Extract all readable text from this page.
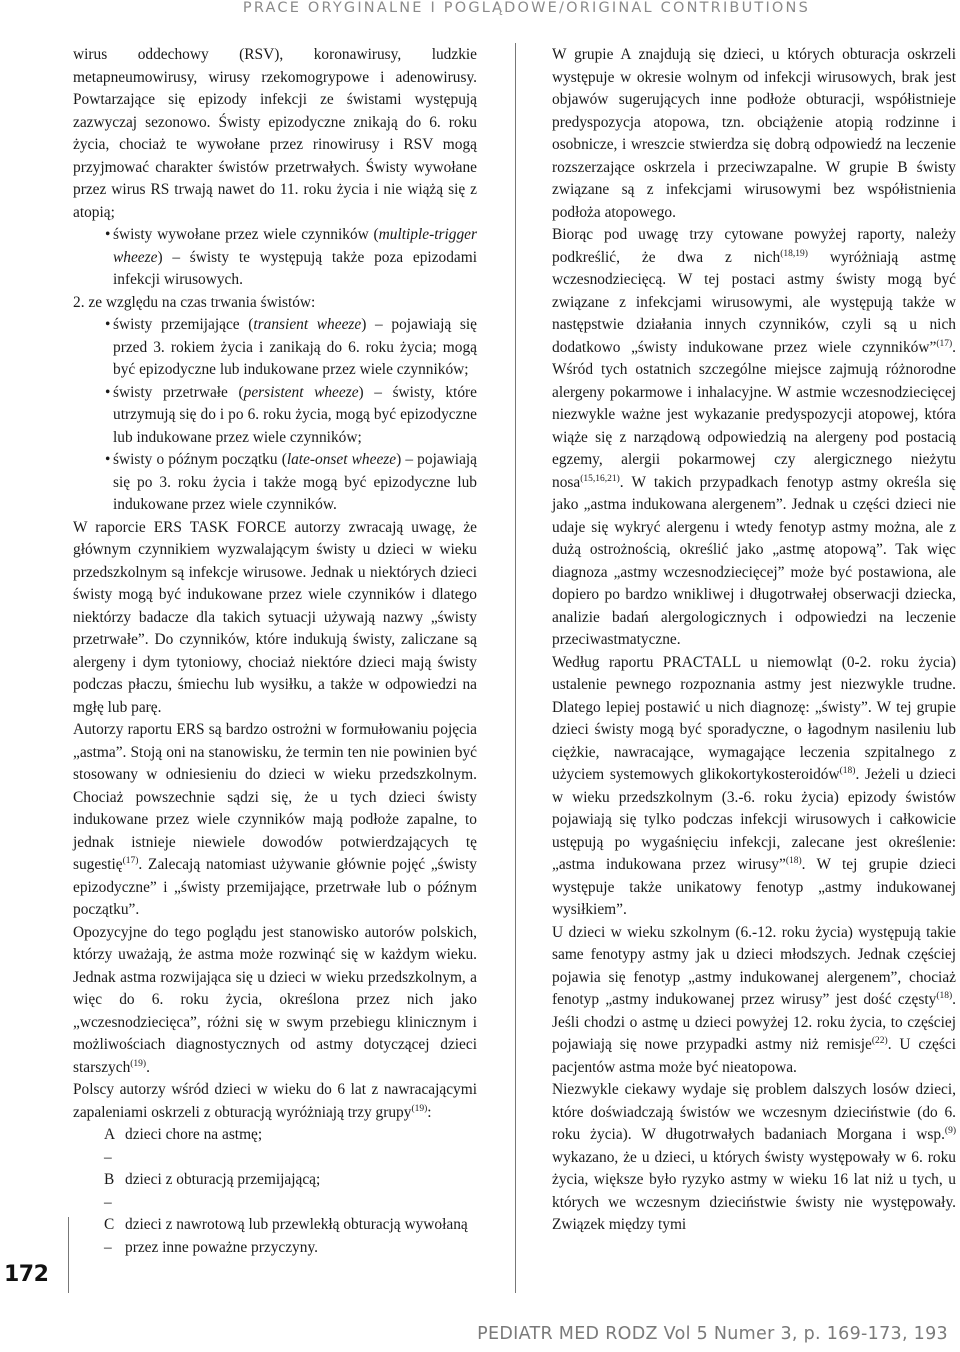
PRACE ORYGINALNE I POGLĄDOWE/ORIGINAL CONTRIBUTIONS
172

wirus oddechowy (RSV), koronawirusy, ludzkie metapneumowirusy, wirusy rzekomogrypowe i adenowirusy. Powtarzające się epizody infekcji ze świstami występują zazwyczaj sezonowo. Świsty epizodyczne znikają do 6. roku życia, chociaż te wywołane przez rinowirusy i RSV mogą przyjmować charakter świstów przetrwałych. Świsty wywołane przez wirus RS trwają nawet do 11. roku życia i nie wiążą się z atopią;

• świsty wywołane przez wiele czynników (multiple-trigger wheeze) – świsty te występują także poza epizodami infekcji wirusowych.

2. ze względu na czas trwania świstów:

• świsty przemijające (transient wheeze) – pojawiają się przed 3. rokiem życia i zanikają do 6. roku życia; mogą być epizodyczne lub indukowane przez wiele czynników;
• świsty przetrwałe (persistent wheeze) – świsty, które utrzymują się do i po 6. roku życia, mogą być epizodyczne lub indukowane przez wiele czynników;
• świsty o późnym początku (late-onset wheeze) – pojawiają się po 3. roku życia i także mogą być epizodyczne lub indukowane przez wiele czynników.

W raporcie ERS TASK FORCE autorzy zwracają uwagę, że głównym czynnikiem wyzwalającym świsty u dzieci w wieku przedszkolnym są infekcje wirusowe. Jednak u niektórych dzieci świsty mogą być indukowane przez wiele czynników i dlatego niektórzy badacze dla takich sytuacji używają nazwy „świsty przetrwałe”. Do czynników, które indukują świsty, zaliczane są alergeny i dym tytoniowy, chociaż niektóre dzieci mają świsty podczas płaczu, śmiechu lub wysiłku, a także w odpowiedzi na mgłę lub parę.

Autorzy raportu ERS są bardzo ostrożni w formułowaniu pojęcia „astma”. Stoją oni na stanowisku, że termin ten nie powinien być stosowany w odniesieniu do dzieci w wieku przedszkolnym. Chociaż powszechnie sądzi się, że u tych dzieci świsty indukowane przez wiele czynników mają podłoże zapalne, to jednak istnieje niewiele dowodów potwierdzających tę sugestię$^{(17)}$. Zalecają natomiast używanie głównie pojęć „świsty epizodyczne” i „świsty przemijające, przetrwałe lub o późnym początku”.

Opozycyjne do tego poglądu jest stanowisko autorów polskich, którzy uważają, że astma może rozwinąć się w każdym wieku. Jednak astma rozwijająca się u dzieci w wieku przedszkolnym, a więc do 6. roku życia, określona przez nich jako „wczesnodziecięca”, różni się w swym przebiegu klinicznym i możliwościach diagnostycznych od astmy dotyczącej dzieci starszych$^{(19)}$.

Polscy autorzy wśród dzieci w wieku do 6 lat z nawracającymi zapaleniami oskrzeli z obturacją wyróżniają trzy grupy$^{(19)}$:

A –
dzieci chore na astmę;
B –
dzieci z obturacją przemijającą;
C –
dzieci z nawrotową lub przewlekłą obturacją wywołaną przez inne poważne przyczyny.

W grupie A znajdują się dzieci, u których obturacja oskrzeli występuje w okresie wolnym od infekcji wirusowych, brak jest objawów sugerujących inne podłoże obturacji, współistnieje predyspozycja atopowa, tzn. obciążenie atopią rodzinne i osobnicze, i wreszcie stwierdza się dobrą odpowiedź na leczenie rozszerzające oskrzela i przeciwzapalne. W grupie B świsty związane są z infekcjami wirusowymi bez współistnienia podłoża atopowego.

Biorąc pod uwagę trzy cytowane powyżej raporty, należy podkreślić, że dwa z nich$^{(18,19)}$ wyróżniają astmę wczesnodziecięcą. W tej postaci astmy świsty mogą być związane z infekcjami wirusowymi, ale występują także w następstwie działania innych czynników, czyli są u nich dodatkowo „świsty indukowane przez wiele czynników”$^{(17)}$. Wśród tych ostatnich szczególne miejsce zajmują różnorodne alergeny pokarmowe i inhalacyjne. W astmie wczesnodziecięcej niezwykle ważne jest wykazanie predyspozycji atopowej, która wiąże się z narządową odpowiedzią na alergeny pod postacią egzemy, alergii pokarmowej czy alergicznego nieżytu nosa$^{(15,16,21)}$. W takich przypadkach fenotyp astmy określa się jako „astma indukowana alergenem”. Jednak u części dzieci nie udaje się wykryć alergenu i wtedy fenotyp astmy można, ale z dużą ostrożnością, określić jako „astmę atopową”. Tak więc diagnoza „astmy wczesnodziecięcej” może być postawiona, ale dopiero po bardzo wnikliwej i długotrwałej obserwacji dziecka, analizie badań alergologicznych i odpowiedzi na leczenie przeciwastmatyczne.

Według raportu PRACTALL u niemowląt (0-2. roku życia) ustalenie pewnego rozpoznania astmy jest niezwykle trudne. Dlatego lepiej postawić u nich diagnozę: „świsty”. W tej grupie dzieci świsty mogą być sporadyczne, o łagodnym nasileniu lub ciężkie, nawracające, wymagające leczenia szpitalnego z użyciem systemowych glikokortykosteroidów$^{(18)}$. Jeżeli u dzieci w wieku przedszkolnym (3.-6. roku życia) epizody świstów pojawiają się tylko podczas infekcji wirusowych i całkowicie ustępują po wygaśnięciu infekcji, zalecane jest określenie: „astma indukowana przez wirusy”$^{(18)}$. W tej grupie dzieci występuje także unikatowy fenotyp „astmy indukowanej wysiłkiem”.

U dzieci w wieku szkolnym (6.-12. roku życia) występują takie same fenotypy astmy jak u dzieci młodszych. Jednak częściej pojawia się fenotyp „astmy indukowanej alergenem”, chociaż fenotyp „astmy indukowanej przez wirusy” jest dość częsty$^{(18)}$. Jeśli chodzi o astmę u dzieci powyżej 12. roku życia, to częściej pojawiają się nowe przypadki astmy niż remisje$^{(22)}$. U części pacjentów astma może być nieatopowa.

Niezwykle ciekawy wydaje się problem dalszych losów dzieci, które doświadczają świstów we wczesnym dzieciństwie (do 6. roku życia). W długotrwałych badaniach Morgana i wsp.$^{(9)}$ wykazano, że u dzieci, u których świsty występowały w 6. roku życia, większe było ryzyko astmy w wieku 16 lat niż u tych, u których we wczesnym dzieciństwie świsty nie występowały. Związek między tymi

PEDIATR MED RODZ Vol 5 Numer 3, p. 169-173, 193
